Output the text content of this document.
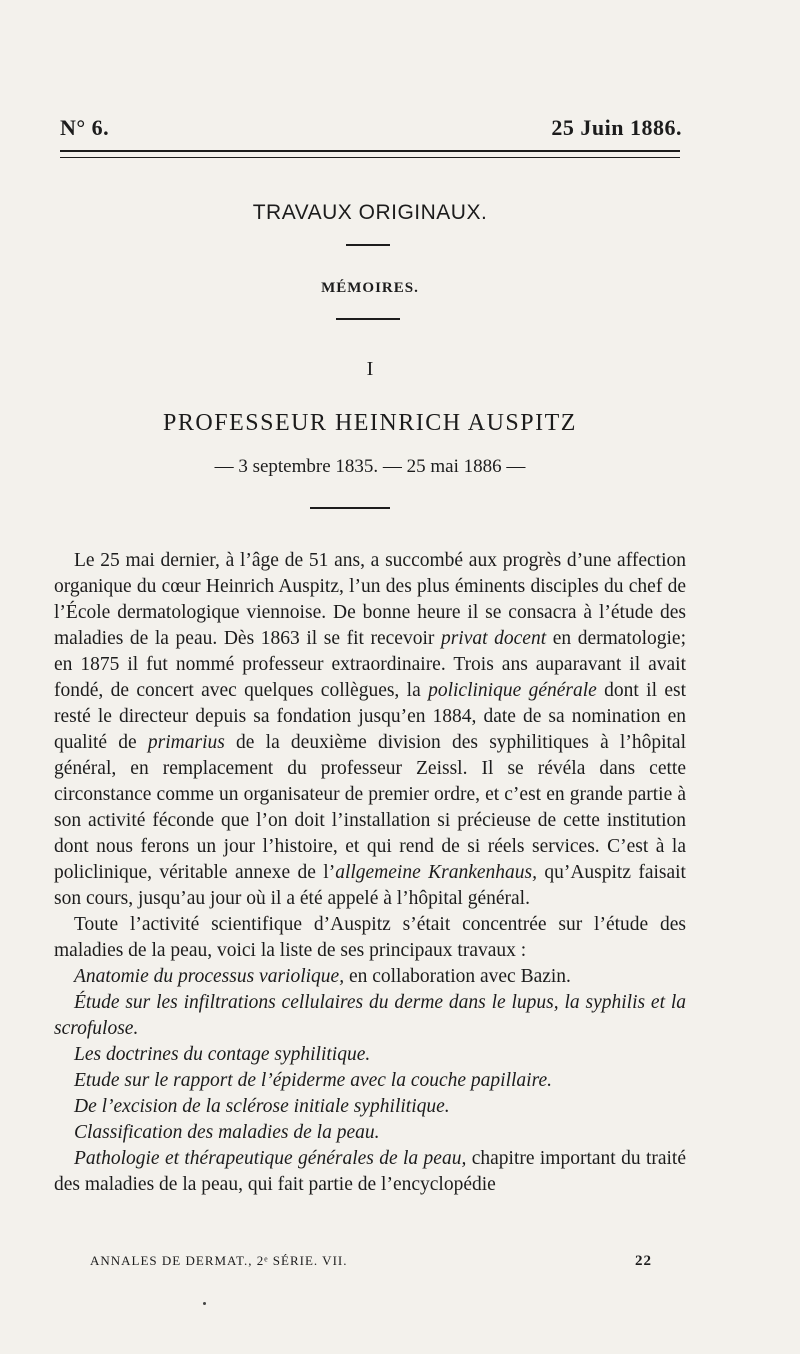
N° 6.	25 Juin 1886.
TRAVAUX ORIGINAUX.
MÉMOIRES.
I
PROFESSEUR HEINRICH AUSPITZ
— 3 septembre 1835. — 25 mai 1886 —

Le 25 mai dernier, à l’âge de 51 ans, a succombé aux progrès d’une affection organique du cœur Heinrich Auspitz, l’un des plus éminents disciples du chef de l’École dermatologique viennoise. De bonne heure il se consacra à l’étude des maladies de la peau. Dès 1863 il se fit recevoir privat docent en dermatologie; en 1875 il fut nommé professeur extraordinaire. Trois ans auparavant il avait fondé, de concert avec quelques collègues, la policlinique générale dont il est resté le directeur depuis sa fondation jusqu’en 1884, date de sa nomination en qualité de primarius de la deuxième division des syphilitiques à l’hôpital général, en remplacement du professeur Zeissl. Il se révéla dans cette circonstance comme un organisateur de premier ordre, et c’est en grande partie à son activité féconde que l’on doit l’installation si précieuse de cette institution dont nous ferons un jour l’histoire, et qui rend de si réels services. C’est à la policlinique, véritable annexe de l’allgemeine Krankenhaus, qu’Auspitz faisait son cours, jusqu’au jour où il a été appelé à l’hôpital général.

Toute l’activité scientifique d’Auspitz s’était concentrée sur l’étude des maladies de la peau, voici la liste de ses principaux travaux :

Anatomie du processus variolique, en collaboration avec Bazin.
Étude sur les infiltrations cellulaires du derme dans le lupus, la syphilis et la scrofulose.
Les doctrines du contage syphilitique.
Etude sur le rapport de l’épiderme avec la couche papillaire.
De l’excision de la sclérose initiale syphilitique.
Classification des maladies de la peau.
Pathologie et thérapeutique générales de la peau, chapitre important du traité des maladies de la peau, qui fait partie de l’encyclopédie
ANNALES DE DERMAT., 2ᵉ SÉRIE. VII.	22
